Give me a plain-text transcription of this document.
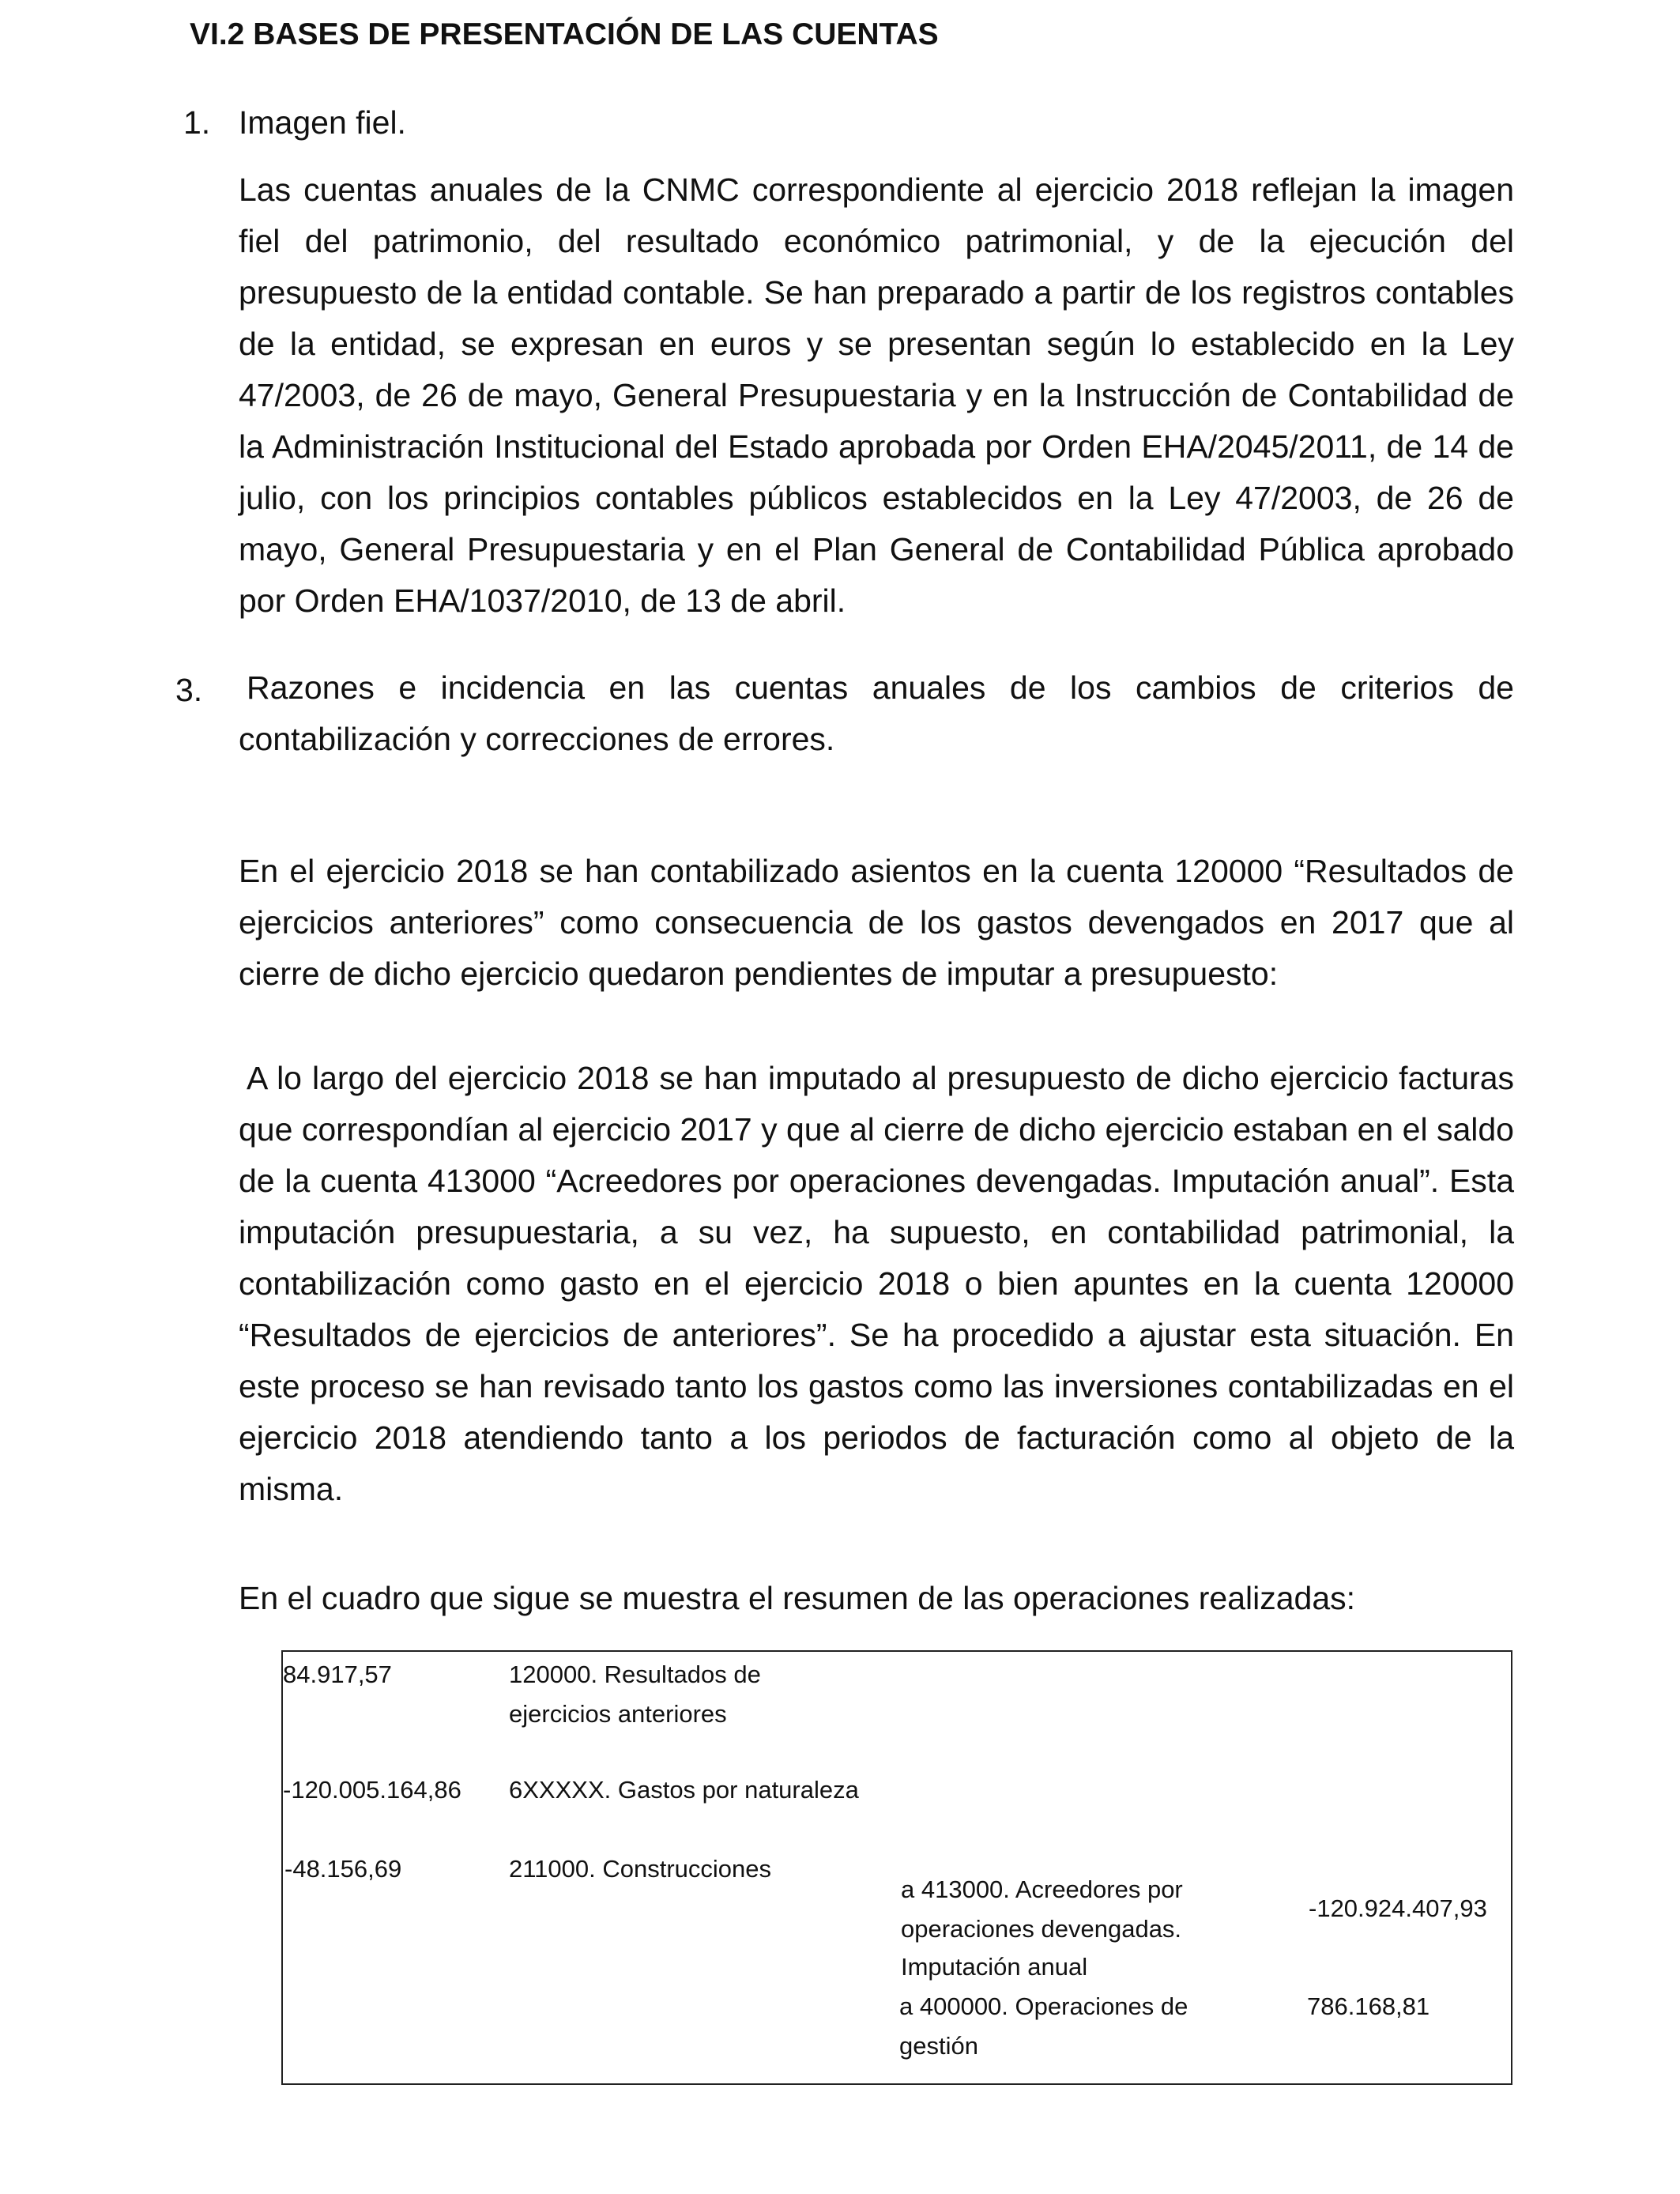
VI.2 BASES DE PRESENTACIÓN DE LAS CUENTAS
1. Imagen fiel.

Las cuentas anuales de la CNMC correspondiente al ejercicio 2018 reflejan la imagen fiel del patrimonio, del resultado económico patrimonial, y de la ejecución del presupuesto de la entidad contable. Se han preparado a partir de los registros contables de la entidad, se expresan en euros y se presentan según lo establecido en la Ley 47/2003, de 26 de mayo, General Presupuestaria y en la Instrucción de Contabilidad de la Administración Institucional del Estado aprobada por Orden EHA/2045/2011, de 14 de julio, con los principios contables públicos establecidos en la Ley 47/2003, de 26 de mayo, General Presupuestaria y en el Plan General de Contabilidad Pública aprobado por Orden EHA/1037/2010, de 13 de abril.

3. Razones e incidencia en las cuentas anuales de los cambios de criterios de contabilización y correcciones de errores.

En el ejercicio 2018 se han contabilizado asientos en la cuenta 120000 “Resultados de ejercicios anteriores” como consecuencia de los gastos devengados en 2017 que al cierre de dicho ejercicio quedaron pendientes de imputar a presupuesto:

A lo largo del ejercicio 2018 se han imputado al presupuesto de dicho ejercicio facturas que correspondían al ejercicio 2017 y que al cierre de dicho ejercicio estaban en el saldo de la cuenta 413000 “Acreedores por operaciones devengadas. Imputación anual”. Esta imputación presupuestaria, a su vez, ha supuesto, en contabilidad patrimonial, la contabilización como gasto en el ejercicio 2018 o bien apuntes en la cuenta 120000 “Resultados de ejercicios de anteriores”. Se ha procedido a ajustar esta situación. En este proceso se han revisado tanto los gastos como las inversiones contabilizadas en el ejercicio 2018 atendiendo tanto a los periodos de facturación como al objeto de la misma.

En el cuadro que sigue se muestra el resumen de las operaciones realizadas:

84.917,57	120000. Resultados de
ejercicios anteriores
-120.005.164,86 6XXXXX. Gastos por naturaleza
-48.156,69	211000. Construcciones
a 413000. Acreedores por
operaciones devengadas.
Imputación anual
-120.924.407,93
a 400000. Operaciones de
gestión
786.168,81
